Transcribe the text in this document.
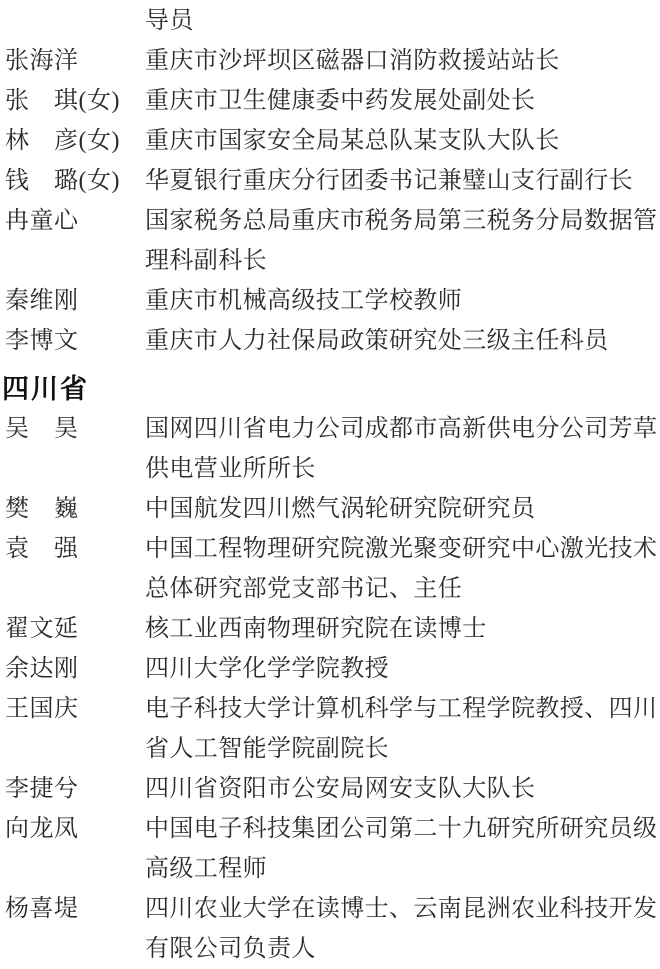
导员
张海洋	重庆市沙坪坝区磁器口消防救援站站长
张　琪(女)	重庆市卫生健康委中药发展处副处长
林　彦(女)	重庆市国家安全局某总队某支队大队长
钱　璐(女)	华夏银行重庆分行团委书记兼璧山支行副行长
冉童心	国家税务总局重庆市税务局第三税务分局数据管理科副科长
秦维刚	重庆市机械高级技工学校教师
李博文	重庆市人力社保局政策研究处三级主任科员
四川省
吴　昊	国网四川省电力公司成都市高新供电分公司芳草供电营业所所长
樊　巍	中国航发四川燃气涡轮研究院研究员
袁　强	中国工程物理研究院激光聚变研究中心激光技术总体研究部党支部书记、主任
翟文延	核工业西南物理研究院在读博士
余达刚	四川大学化学学院教授
王国庆	电子科技大学计算机科学与工程学院教授、四川省人工智能学院副院长
李捷兮	四川省资阳市公安局网安支队大队长
向龙凤	中国电子科技集团公司第二十九研究所研究员级高级工程师
杨喜堤	四川农业大学在读博士、云南昆洲农业科技开发有限公司负责人
